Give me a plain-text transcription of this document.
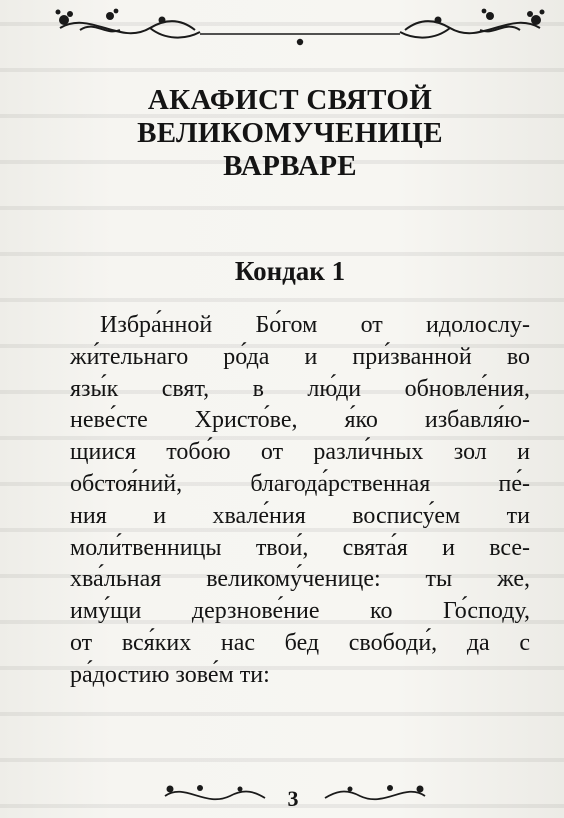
АКАФИСТ СВЯТОЙ
ВЕЛИКОМУЧЕНИЦЕ
ВАРВАРЕ
Кондак 1
Избра́нной Бо́гом от идолослу-
жи́тельнаго ро́да и при́званной во
язы́к свят, в лю́ди обновле́ния,
неве́сте Христо́ве, я́ко избавля́ю-
щиися тобо́ю от разли́чных зол и
обстоя́ний, благода́рственная пе́-
ния и хвале́ния воспису́ем ти
моли́твенницы твои́, свята́я и все-
хва́льная великому́ченице: ты же,
иму́щи дерзнове́ние ко Го́споду,
от вся́ких нас бед свободи́, да с
ра́достию зове́м ти:
3
